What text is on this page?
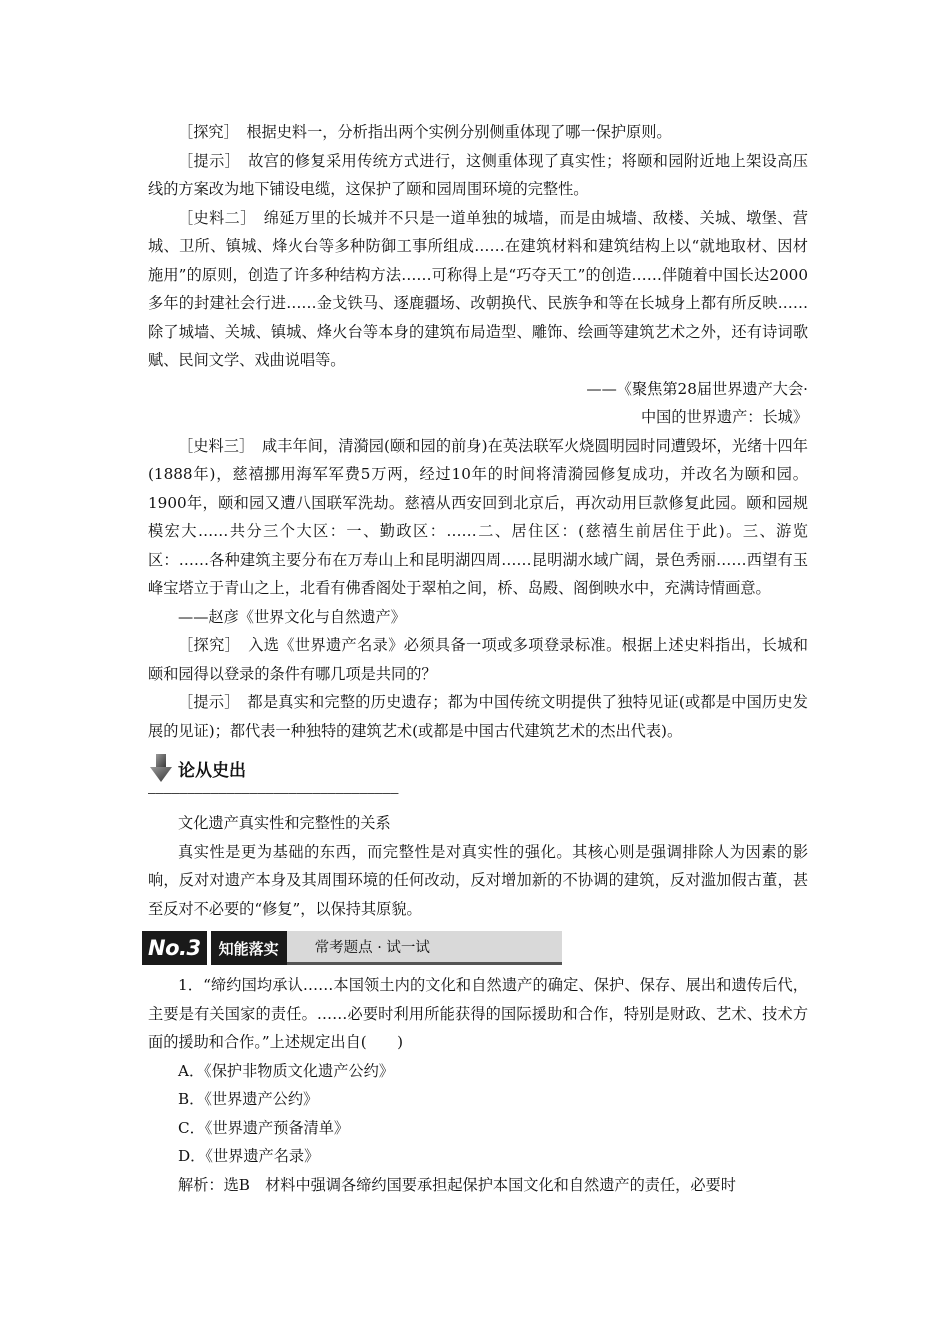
［探究］　根据史料一，分析指出两个实例分别侧重体现了哪一保护原则。

［提示］　故宫的修复采用传统方式进行，这侧重体现了真实性；将颐和园附近地上架设高压线的方案改为地下铺设电缆，这保护了颐和园周围环境的完整性。

［史料二］　绵延万里的长城并不只是一道单独的城墙，而是由城墙、敌楼、关城、墩堡、营城、卫所、镇城、烽火台等多种防御工事所组成……在建筑材料和建筑结构上以“就地取材、因材施用”的原则，创造了许多种结构方法……可称得上是“巧夺天工”的创造……伴随着中国长达2000多年的封建社会行进……金戈铁马、逐鹿疆场、改朝换代、民族争和等在长城身上都有所反映……除了城墙、关城、镇城、烽火台等本身的建筑布局造型、雕饰、绘画等建筑艺术之外，还有诗词歌赋、民间文学、戏曲说唱等。

——《聚焦第28届世界遗产大会·

中国的世界遗产：长城》

［史料三］　咸丰年间，清漪园(颐和园的前身)在英法联军火烧圆明园时同遭毁坏，光绪十四年(1888年)，慈禧挪用海军军费5万两，经过10年的时间将清漪园修复成功，并改名为颐和园。1900年，颐和园又遭八国联军洗劫。慈禧从西安回到北京后，再次动用巨款修复此园。颐和园规模宏大……共分三个大区：一、勤政区：……二、居住区：(慈禧生前居住于此)。三、游览区：……各种建筑主要分布在万寿山上和昆明湖四周……昆明湖水域广阔，景色秀丽……西望有玉峰宝塔立于青山之上，北看有佛香阁处于翠柏之间，桥、岛殿、阁倒映水中，充满诗情画意。

——赵彦《世界文化与自然遗产》

［探究］　入选《世界遗产名录》必须具备一项或多项登录标准。根据上述史料指出，长城和颐和园得以登录的条件有哪几项是共同的？

［提示］　都是真实和完整的历史遗存；都为中国传统文明提供了独特见证(或都是中国历史发展的见证)；都代表一种独特的建筑艺术(或都是中国古代建筑艺术的杰出代表)。

论从史出
————————————————————————————————

文化遗产真实性和完整性的关系

真实性是更为基础的东西，而完整性是对真实性的强化。其核心则是强调排除人为因素的影响，反对对遗产本身及其周围环境的任何改动，反对增加新的不协调的建筑，反对滥加假古董，甚至反对不必要的“修复”，以保持其原貌。

No.3	知能落实	常考题点 · 试一试

1．“缔约国均承认……本国领土内的文化和自然遗产的确定、保护、保存、展出和遗传后代，主要是有关国家的责任。……必要时利用所能获得的国际援助和合作，特别是财政、艺术、技术方面的援助和合作。”上述规定出自(　　)

A．《保护非物质文化遗产公约》

B．《世界遗产公约》

C．《世界遗产预备清单》

D．《世界遗产名录》

解析：选B　材料中强调各缔约国要承担起保护本国文化和自然遗产的责任，必要时
